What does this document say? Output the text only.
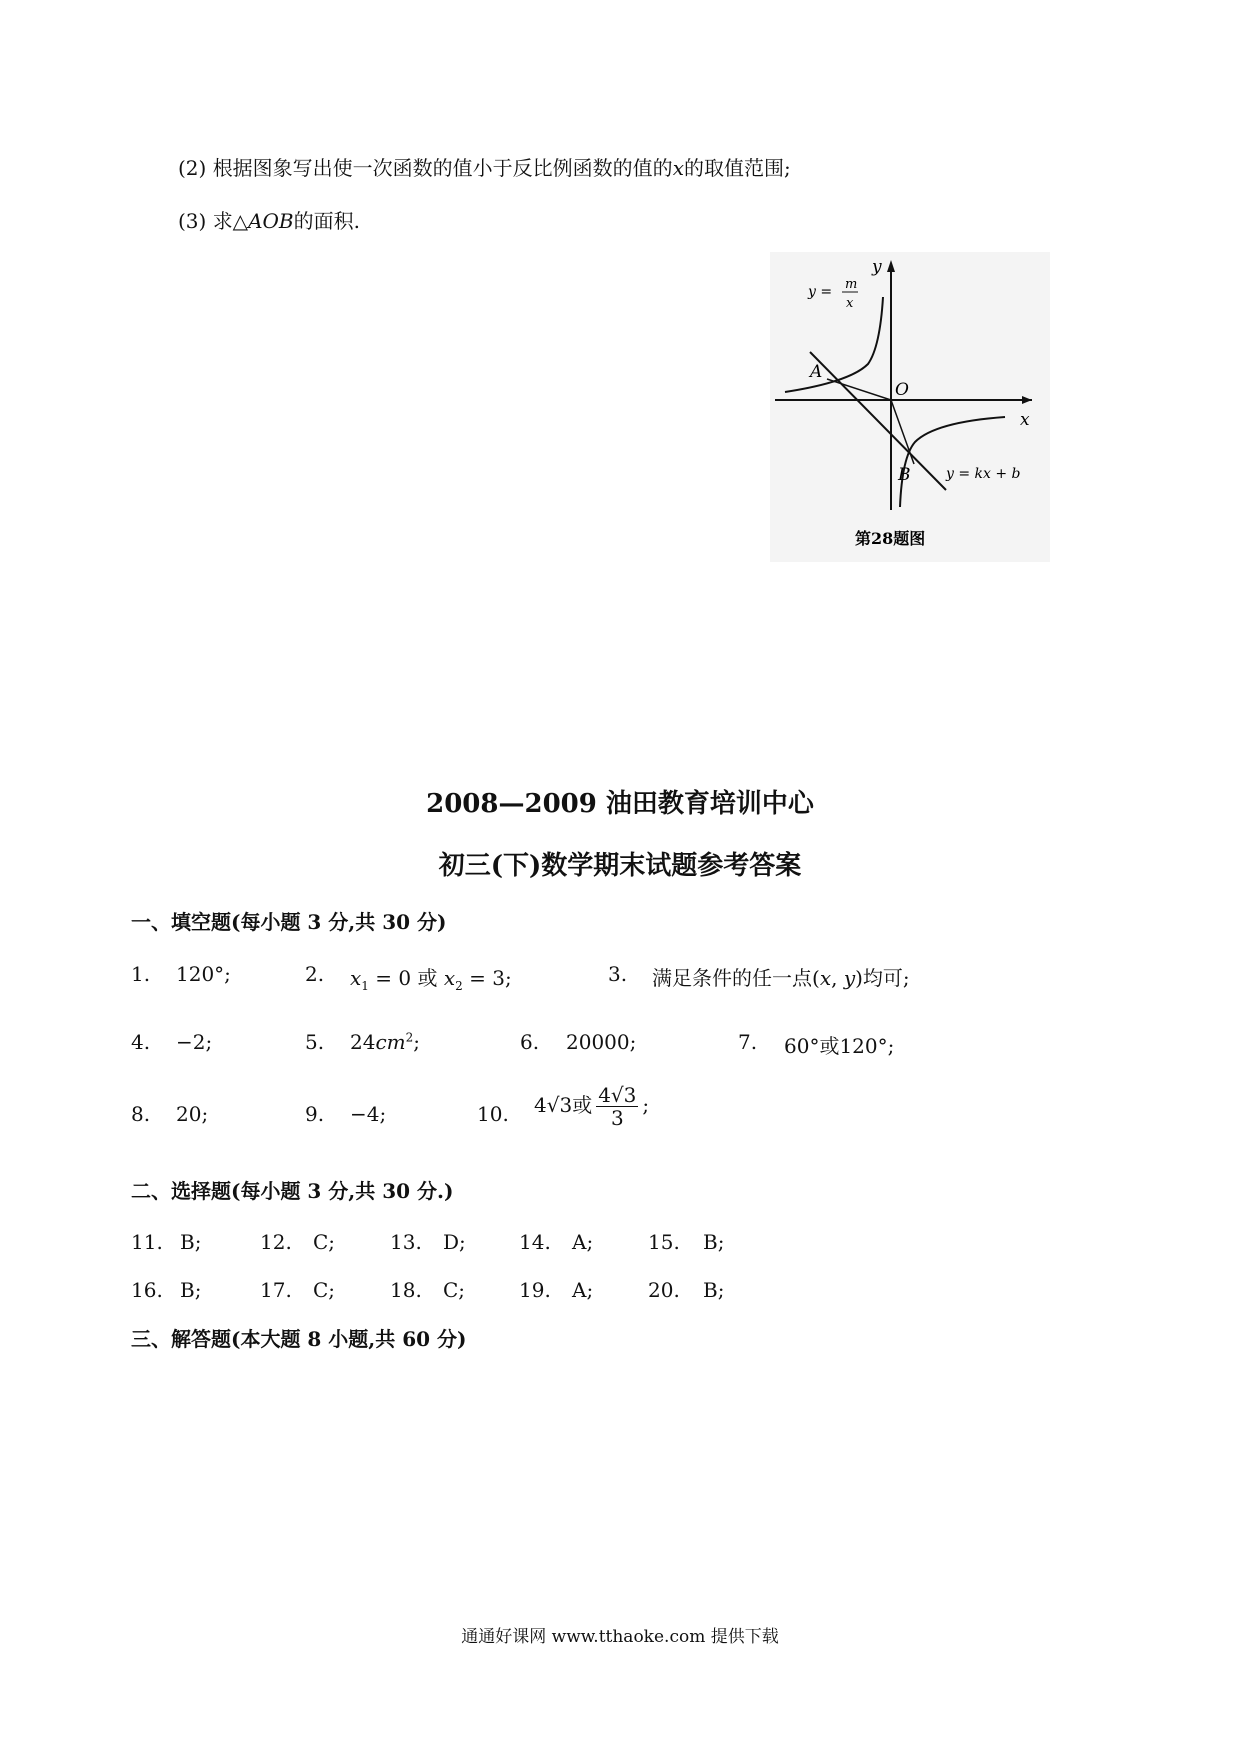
(2) 根据图象写出使一次函数的值小于反比例函数的值的x的取值范围;
(3) 求△AOB的面积.
y
x
O
A
B
y = m
x
y = kx + b
第28题图
2008—2009 油田教育培训中心
初三(下)数学期末试题参考答案
一、填空题(每小题 3 分,共 30 分)
1. 120°;	2. $x_1 = 0$ 或 $x_2 = 3$;	3. 满足条件的任一点(x, y)均可;
4. −2;	5. $24cm^2$;	6. 20000;	7. 60°或120°;
8. 20;	9. −4;	10. 4√3或 $\frac{4√3}{3}$ ;
二、选择题(每小题 3 分,共 30 分.)
11. B;	12. C;	13. D;	14. A;	15. B;
16. B;	17. C;	18. C;	19. A;	20. B;
三、解答题(本大题 8 小题,共 60 分)
通通好课网 www.tthaoke.com 提供下载
